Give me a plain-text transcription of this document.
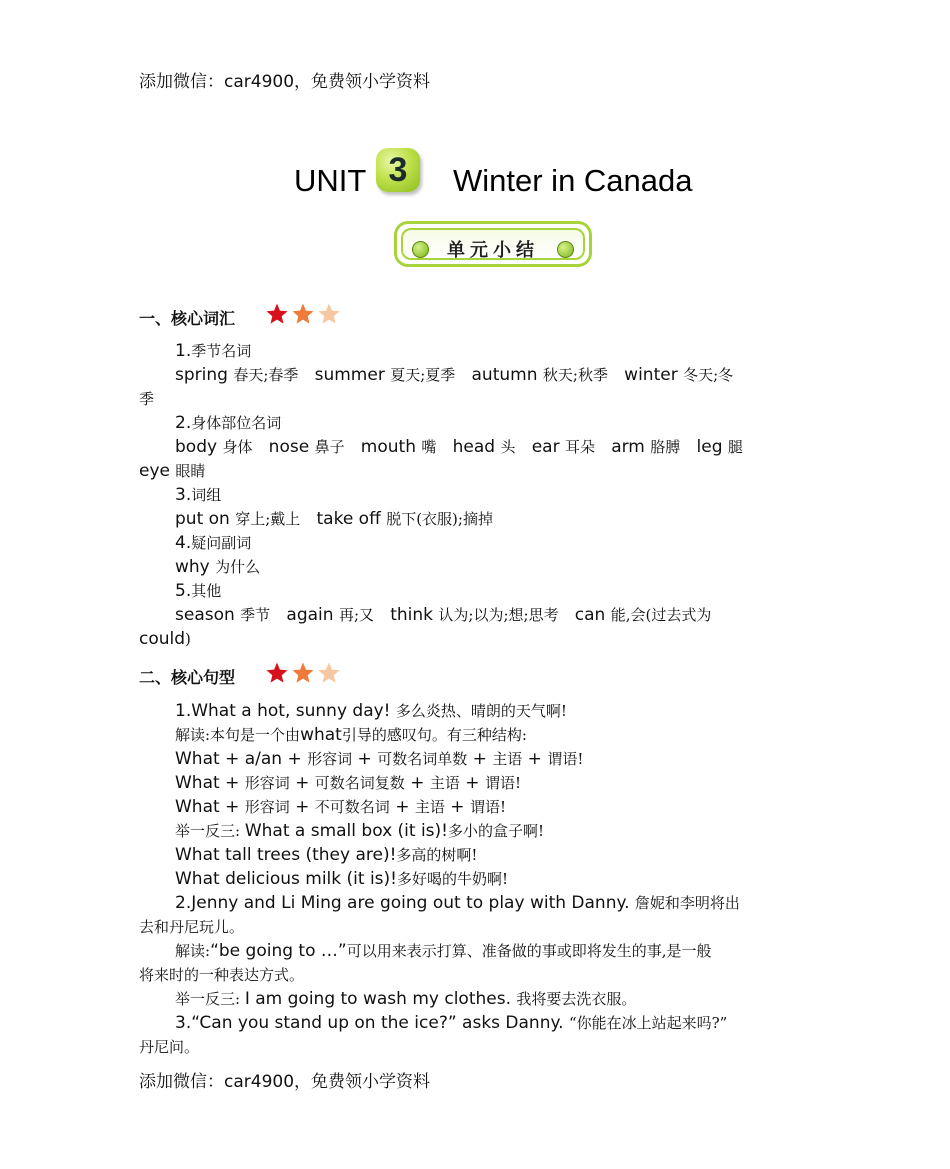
添加微信：car4900，免费领小学资料
UNIT 3	Winter in Canada
单元小结
一、核心词汇
1.季节名词
spring 春天;春季   summer 夏天;夏季   autumn 秋天;秋季   winter 冬天;冬
季
2.身体部位名词
body 身体   nose 鼻子   mouth 嘴   head 头   ear 耳朵   arm 胳膊   leg 腿
eye 眼睛
3.词组
put on 穿上;戴上   take off 脱下(衣服);摘掉
4.疑问副词
why 为什么
5.其他
season 季节   again 再;又   think 认为;以为;想;思考   can 能,会(过去式为
could)
二、核心句型
1.What a hot, sunny day! 多么炎热、晴朗的天气啊!
解读:本句是一个由what引导的感叹句。有三种结构:
What + a/an + 形容词 + 可数名词单数 + 主语 + 谓语!
What + 形容词 + 可数名词复数 + 主语 + 谓语!
What + 形容词 + 不可数名词 + 主语 + 谓语!
举一反三: What a small box (it is)!多小的盒子啊!
What tall trees (they are)!多高的树啊!
What delicious milk (it is)!多好喝的牛奶啊!
2.Jenny and Li Ming are going out to play with Danny. 詹妮和李明将出
去和丹尼玩儿。
解读:“be going to …”可以用来表示打算、准备做的事或即将发生的事,是一般
将来时的一种表达方式。
举一反三: I am going to wash my clothes. 我将要去洗衣服。
3.“Can you stand up on the ice?” asks Danny. “你能在冰上站起来吗?”
丹尼问。
添加微信：car4900，免费领小学资料
